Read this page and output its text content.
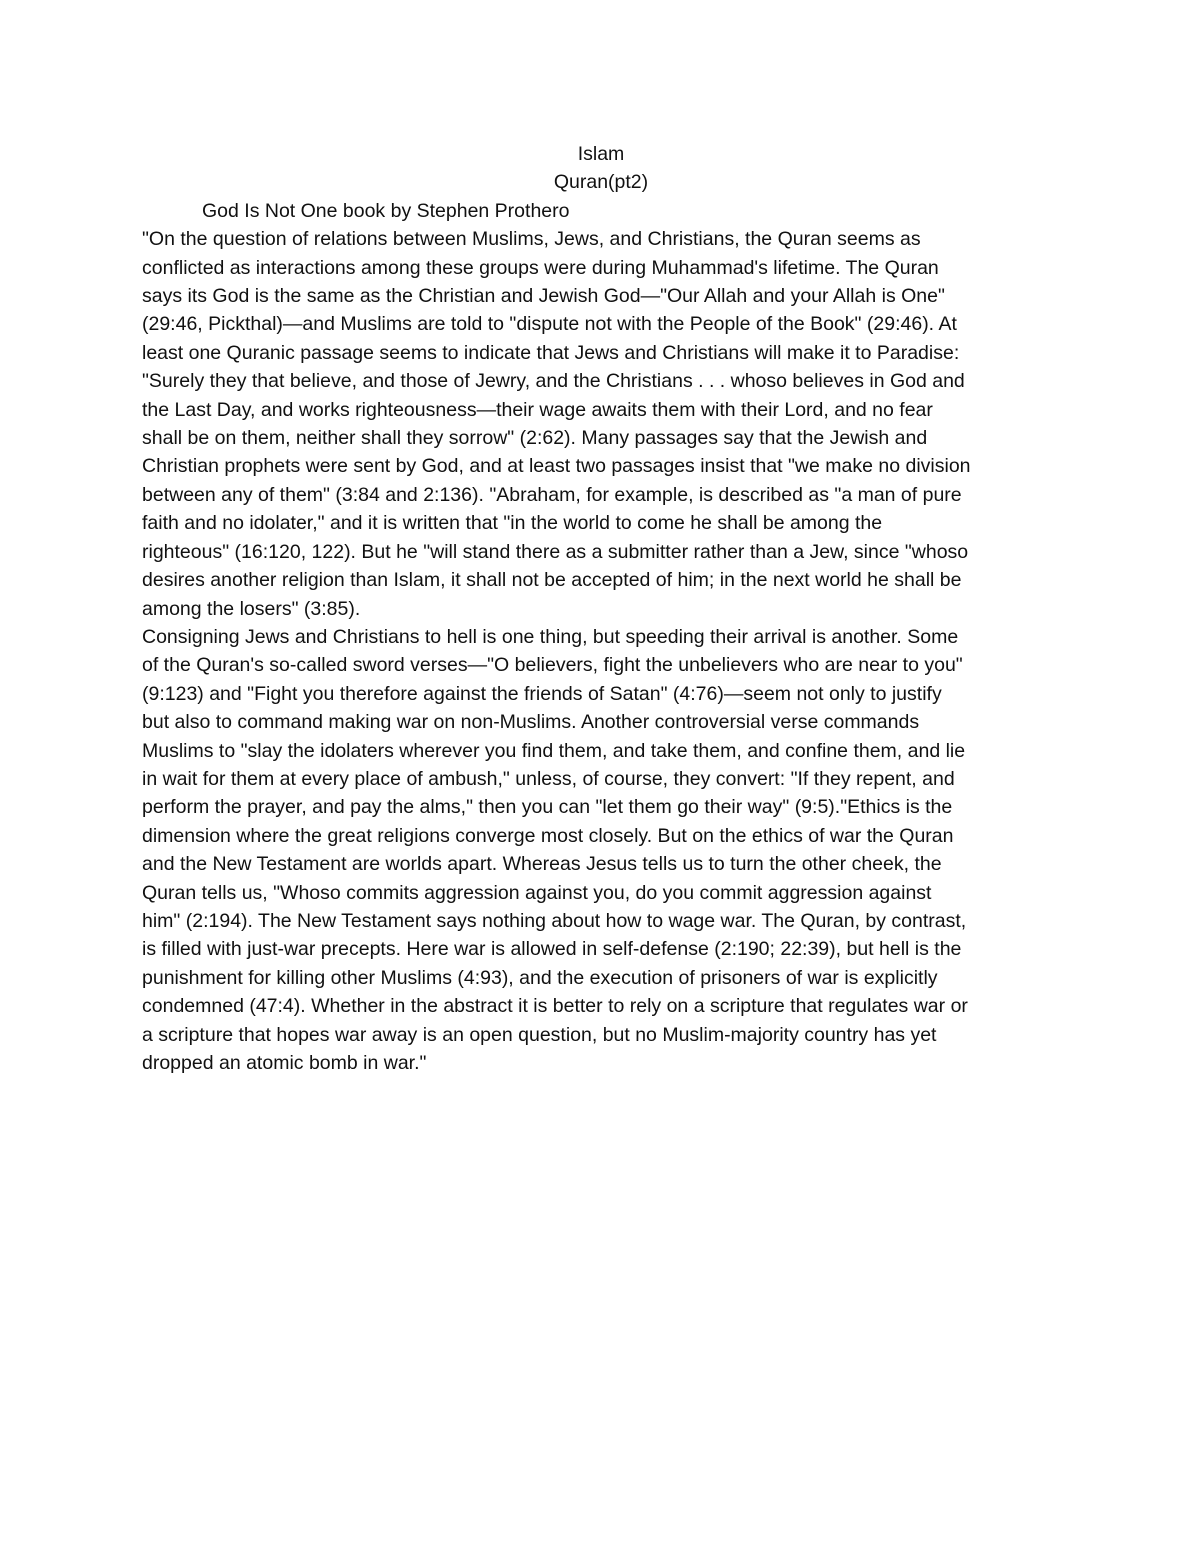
Islam
Quran(pt2)
God Is Not One book by Stephen Prothero
"On the question of relations between Muslims, Jews, and Christians, the Quran seems as
conflicted as interactions among these groups were during Muhammad's lifetime. The Quran
says its God is the same as the Christian and Jewish God—"Our Allah and your Allah is One"
(29:46, Pickthal)—and Muslims are told to "dispute not with the People of the Book" (29:46). At
least one Quranic passage seems to indicate that Jews and Christians will make it to Paradise:
"Surely they that believe, and those of Jewry, and the Christians . . . whoso believes in God and
the Last Day, and works righteousness—their wage awaits them with their Lord, and no fear
shall be on them, neither shall they sorrow" (2:62). Many passages say that the Jewish and
Christian prophets were sent by God, and at least two passages insist that "we make no division
between any of them" (3:84 and 2:136). "Abraham, for example, is described as "a man of pure
faith and no idolater," and it is written that "in the world to come he shall be among the
righteous" (16:120, 122). But he "will stand there as a submitter rather than a Jew, since "whoso
desires another religion than Islam, it shall not be accepted of him; in the next world he shall be
among the losers" (3:85).
Consigning Jews and Christians to hell is one thing, but speeding their arrival is another. Some
of the Quran's so-called sword verses—"O believers, fight the unbelievers who are near to you"
(9:123) and "Fight you therefore against the friends of Satan" (4:76)—seem not only to justify
but also to command making war on non-Muslims. Another controversial verse commands
Muslims to "slay the idolaters wherever you find them, and take them, and confine them, and lie
in wait for them at every place of ambush," unless, of course, they convert: "If they repent, and
perform the prayer, and pay the alms," then you can "let them go their way" (9:5)."Ethics is the
dimension where the great religions converge most closely. But on the ethics of war the Quran
and the New Testament are worlds apart. Whereas Jesus tells us to turn the other cheek, the
Quran tells us, "Whoso commits aggression against you, do you commit aggression against
him" (2:194). The New Testament says nothing about how to wage war. The Quran, by contrast,
is filled with just-war precepts. Here war is allowed in self-defense (2:190; 22:39), but hell is the
punishment for killing other Muslims (4:93), and the execution of prisoners of war is explicitly
condemned (47:4). Whether in the abstract it is better to rely on a scripture that regulates war or
a scripture that hopes war away is an open question, but no Muslim-majority country has yet
dropped an atomic bomb in war."
